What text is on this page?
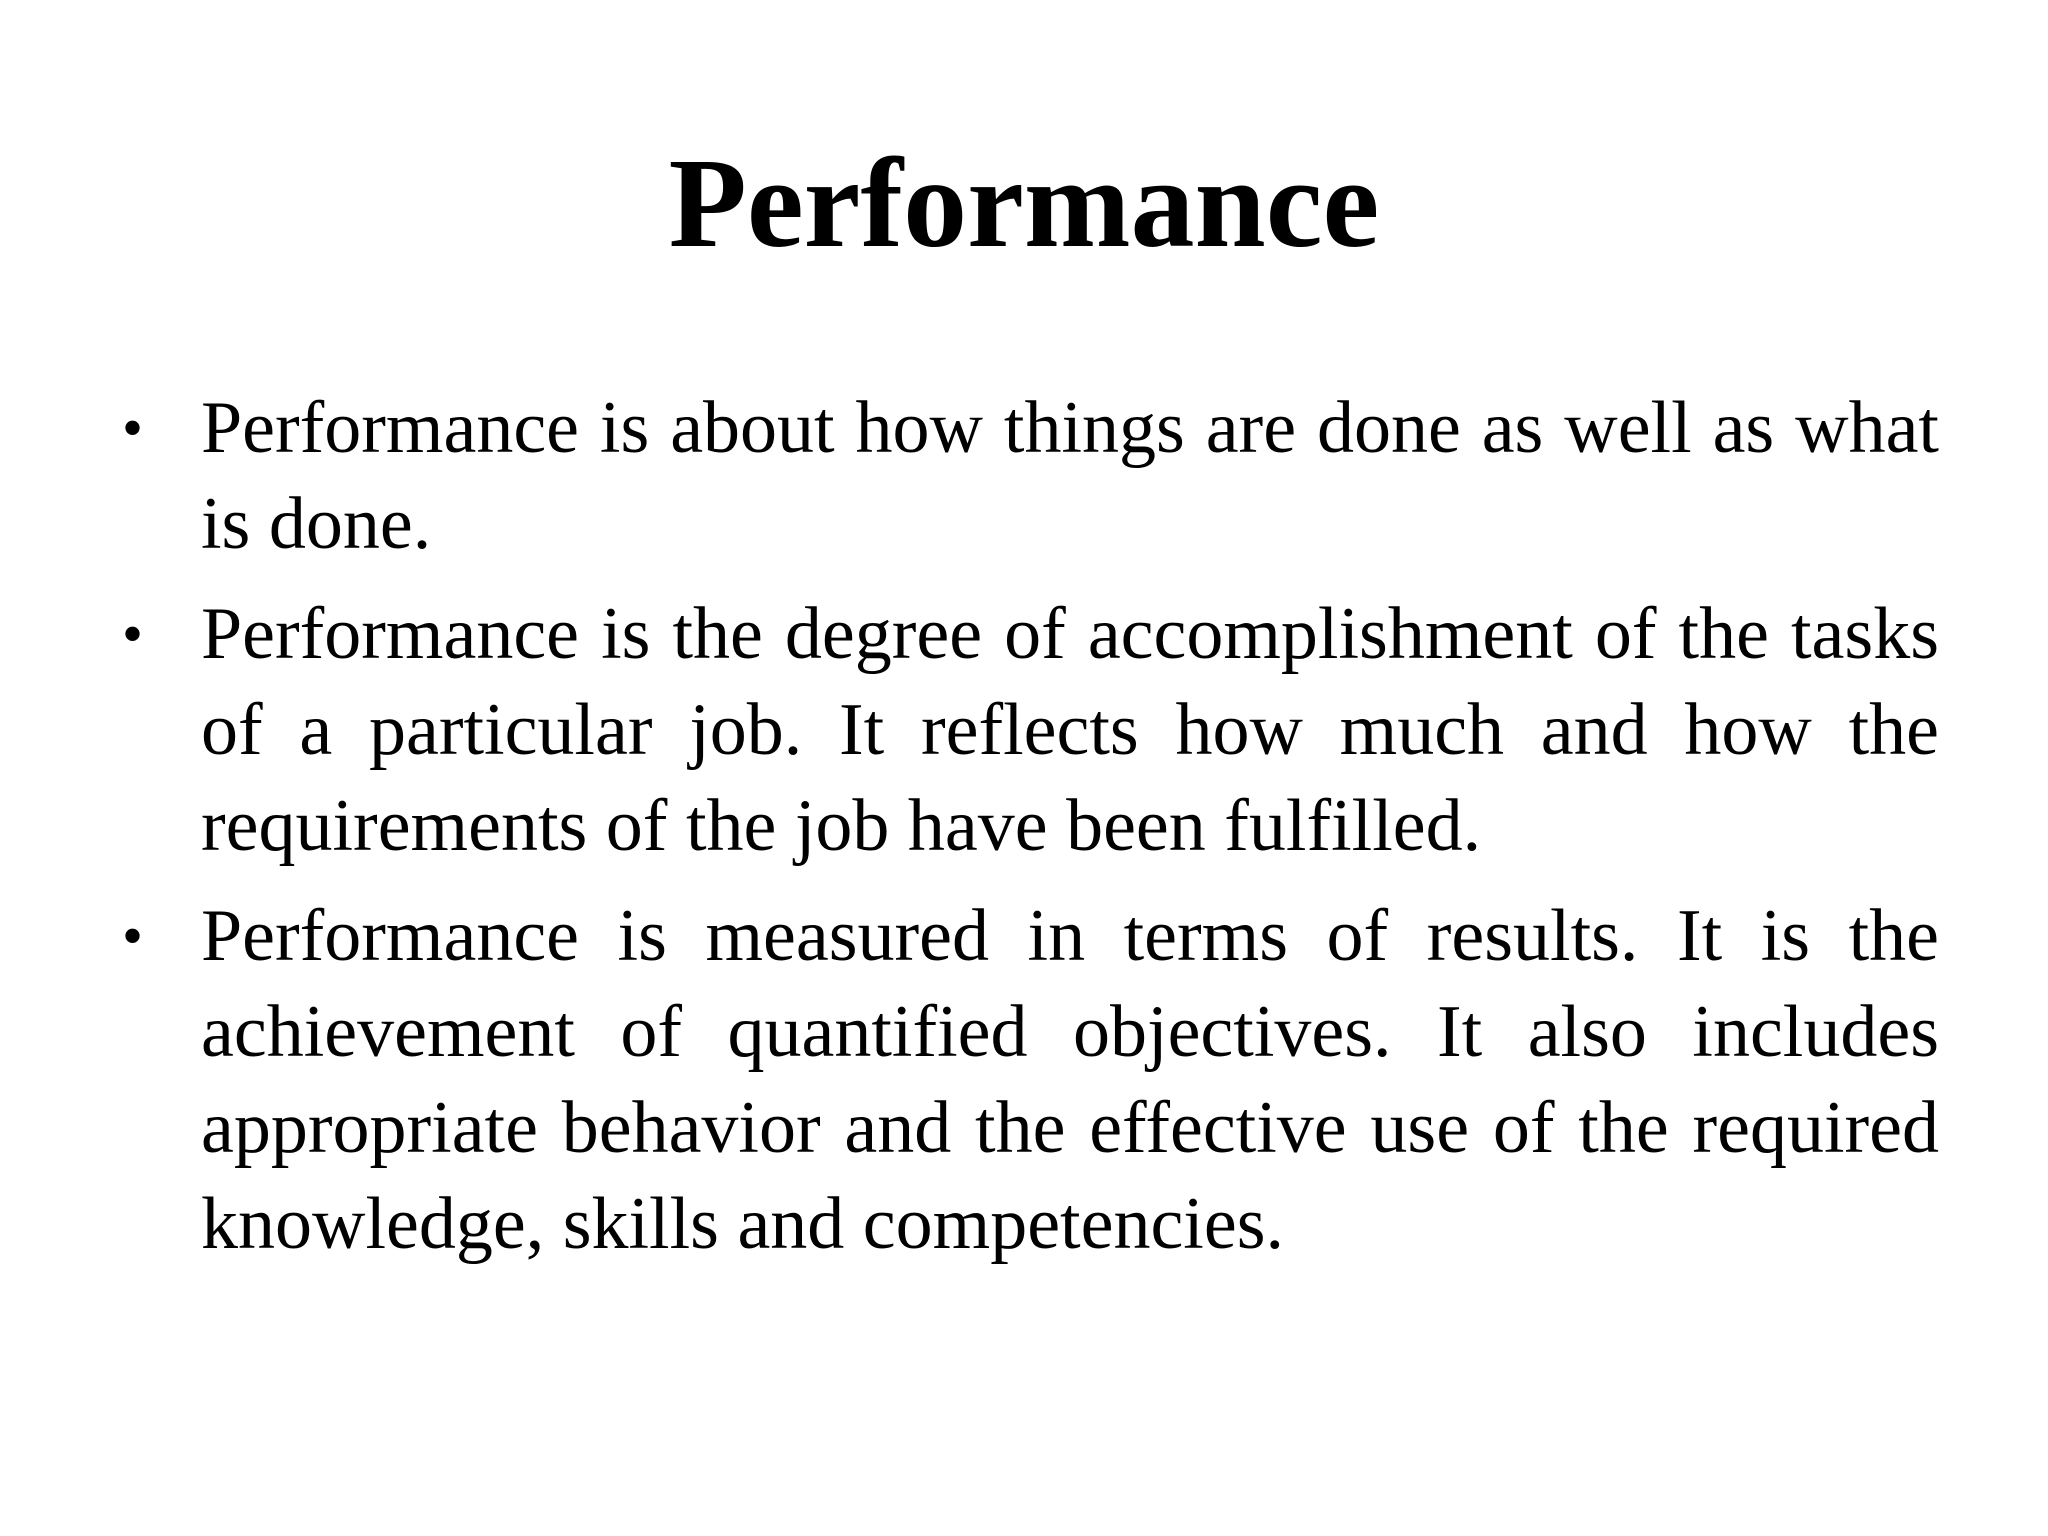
Performance
• Performance is about how things are done as well as what is done.
• Performance is the degree of accomplishment of the tasks of a particular job. It reflects how much and how the requirements of the job have been fulfilled.
• Performance is measured in terms of results. It is the achievement of quantified objectives. It also includes appropriate behavior and the effective use of the required knowledge, skills and competencies.
